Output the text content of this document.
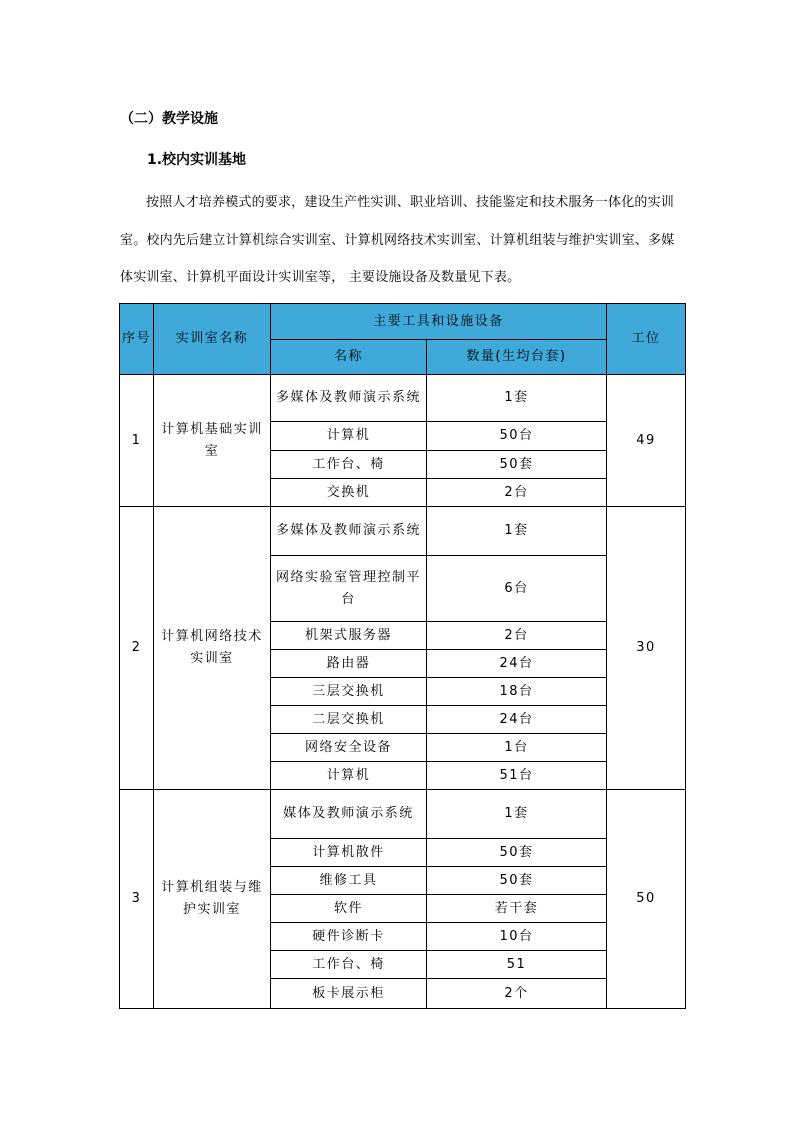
（二）教学设施
1.校内实训基地

按照人才培养模式的要求，建设生产性实训、职业培训、技能鉴定和技术服务一体化的实训室。校内先后建立计算机综合实训室、计算机网络技术实训室、计算机组装与维护实训室、多媒体实训室、计算机平面设计实训室等， 主要设施设备及数量见下表。

序号	实训室名称	主要工具和设施设备		工位
		名称	数量(生均台套)	
1	计算机基础实训室	多媒体及教师演示系统	1套	49
		计算机	50台	
		工作台、椅	50套	
		交换机	2台	
2	计算机网络技术实训室	多媒体及教师演示系统	1套	30
		网络实验室管理控制平台	6台	
		机架式服务器	2台	
		路由器	24台	
		三层交换机	18台	
		二层交换机	24台	
		网络安全设备	1台	
		计算机	51台	
3	计算机组装与维护实训室	媒体及教师演示系统	1套	50
		计算机散件	50套	
		维修工具	50套	
		软件	若干套	
		硬件诊断卡	10台	
		工作台、椅	51	
		板卡展示柜	2个	
